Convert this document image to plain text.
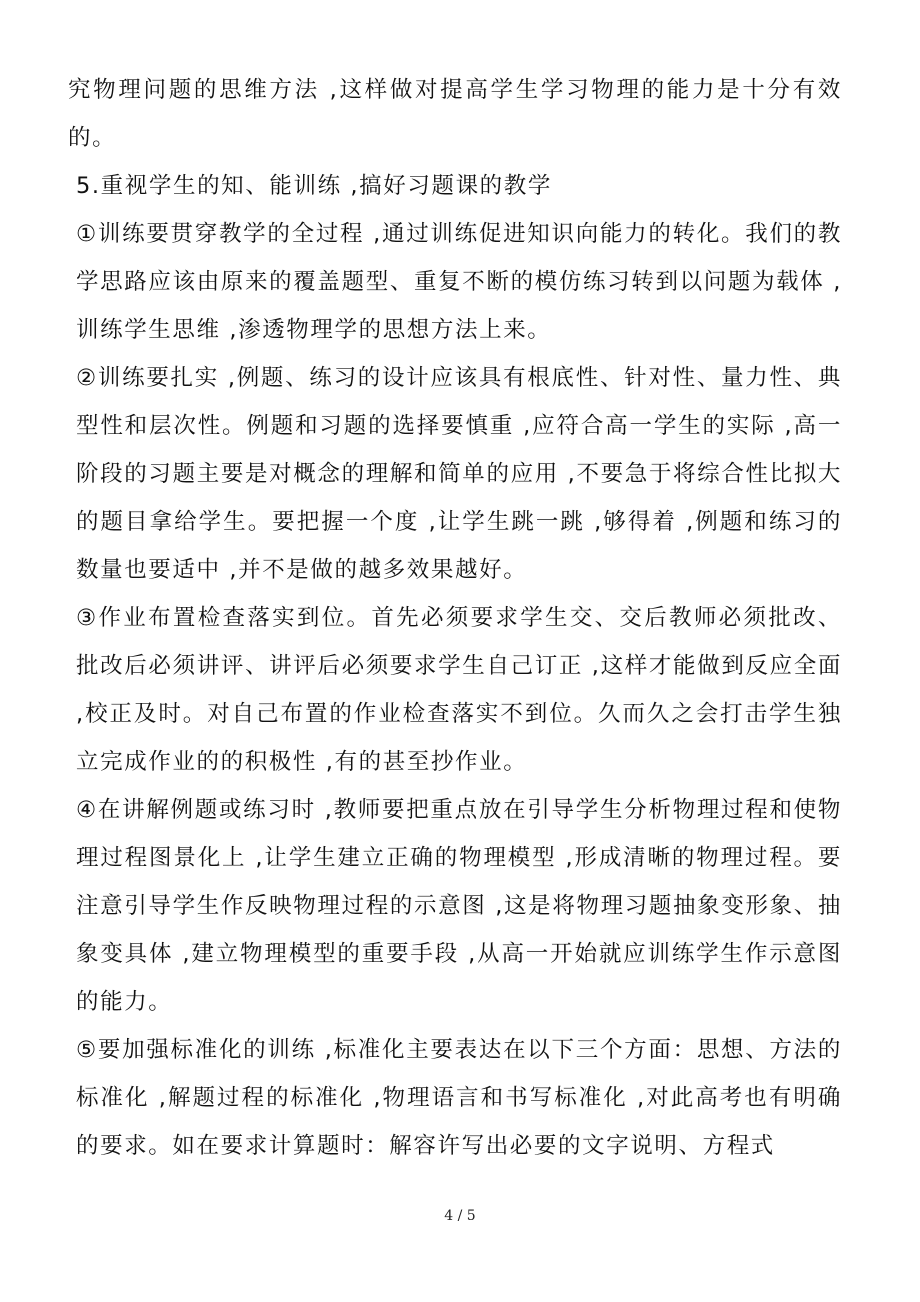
究物理问题的思维方法 ,这样做对提高学生学习物理的能力是十分有效的。

5.重视学生的知、能训练 ,搞好习题课的教学

①训练要贯穿教学的全过程 ,通过训练促进知识向能力的转化。我们的教学思路应该由原来的覆盖题型、重复不断的模仿练习转到以问题为载体 ,训练学生思维 ,渗透物理学的思想方法上来。

②训练要扎实 ,例题、练习的设计应该具有根底性、针对性、量力性、典型性和层次性。例题和习题的选择要慎重 ,应符合高一学生的实际 ,高一阶段的习题主要是对概念的理解和简单的应用 ,不要急于将综合性比拟大的题目拿给学生。要把握一个度 ,让学生跳一跳 ,够得着 ,例题和练习的数量也要适中 ,并不是做的越多效果越好。

③作业布置检查落实到位。首先必须要求学生交、交后教师必须批改、批改后必须讲评、讲评后必须要求学生自己订正 ,这样才能做到反应全面 ,校正及时。对自己布置的作业检查落实不到位。久而久之会打击学生独立完成作业的的积极性 ,有的甚至抄作业。

④在讲解例题或练习时 ,教师要把重点放在引导学生分析物理过程和使物理过程图景化上 ,让学生建立正确的物理模型 ,形成清晰的物理过程。要注意引导学生作反映物理过程的示意图 ,这是将物理习题抽象变形象、抽象变具体 ,建立物理模型的重要手段 ,从高一开始就应训练学生作示意图的能力。

⑤要加强标准化的训练 ,标准化主要表达在以下三个方面：思想、方法的标准化 ,解题过程的标准化 ,物理语言和书写标准化 ,对此高考也有明确的要求。如在要求计算题时：解容许写出必要的文字说明、方程式

4 / 5
